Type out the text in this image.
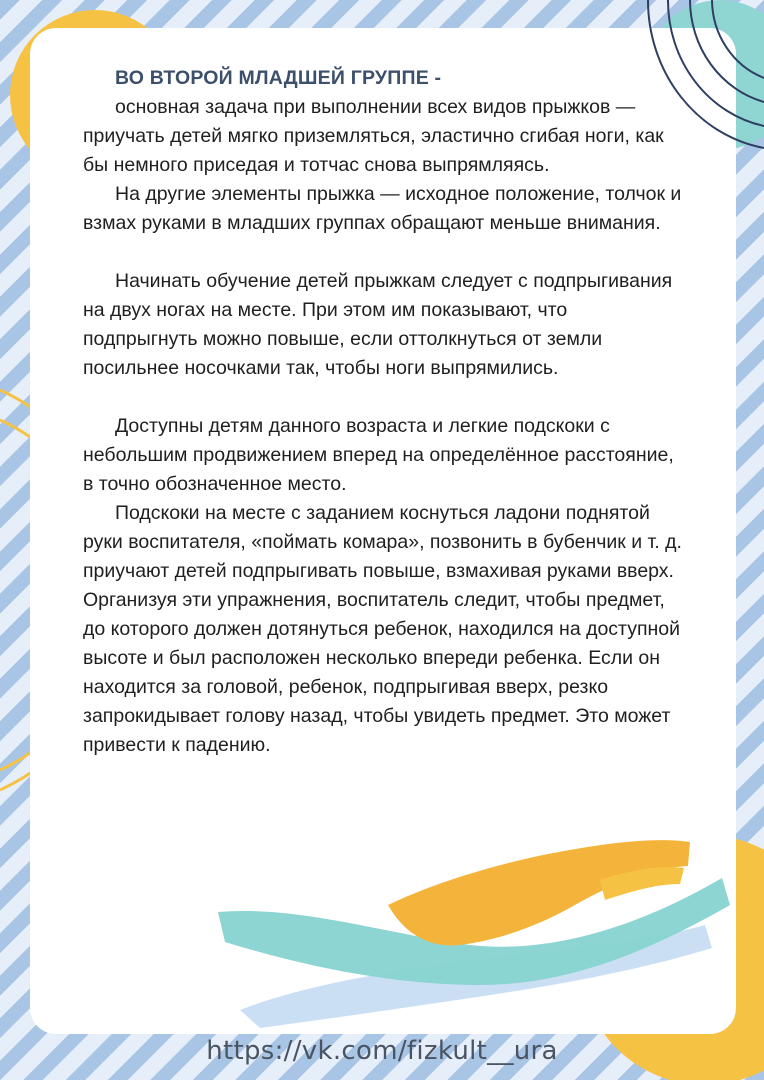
ВО ВТОРОЙ МЛАДШЕЙ ГРУППЕ -

основная задача при выполнении всех видов прыжков — приучать детей мягко приземляться, эластично сгибая ноги, как бы немного приседая и тотчас снова выпрямляясь.

На другие элементы прыжка — исходное положение, толчок и взмах руками в младших группах обращают меньше внимания.

Начинать обучение детей прыжкам следует с подпрыгивания на двух ногах на месте. При этом им показывают, что подпрыгнуть можно повыше, если оттолкнуться от земли посильнее носочками так, чтобы ноги выпрямились.

Доступны детям данного возраста и легкие подскоки с небольшим продвижением вперед на определённое расстояние, в точно обозначенное место.

Подскоки на месте с заданием коснуться ладони поднятой руки воспитателя, «поймать комара», позвонить в бубенчик и т. д. приучают детей подпрыгивать повыше, взмахивая руками вверх. Организуя эти упражнения, воспитатель следит, чтобы предмет, до которого должен дотянуться ребенок, находился на доступной высоте и был расположен несколько впереди ребенка. Если он находится за головой, ребенок, подпрыгивая вверх, резко запрокидывает голову назад, чтобы увидеть предмет. Это может привести к падению.

https://vk.com/fizkult__ura
